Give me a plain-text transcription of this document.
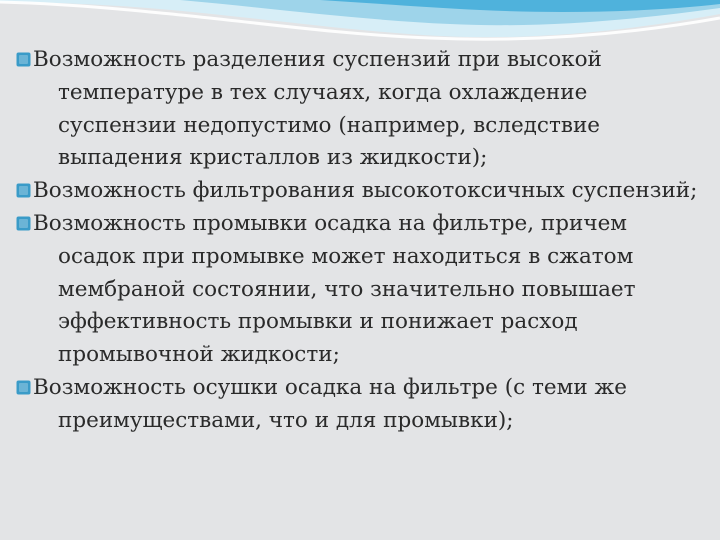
Возможность разделения суспензий при высокой температуре в тех случаях, когда охлаждение суспензии недопустимо (например, вследствие выпадения кристаллов из жидкости);
Возможность фильтрования высокотоксичных суспензий;
Возможность промывки осадка на фильтре, причем осадок при промывке может находиться в сжатом мембраной состоянии, что значительно повышает эффективность промывки и понижает расход промывочной жидкости;
Возможность осушки осадка на фильтре (с теми же преимуществами, что и для промывки);
